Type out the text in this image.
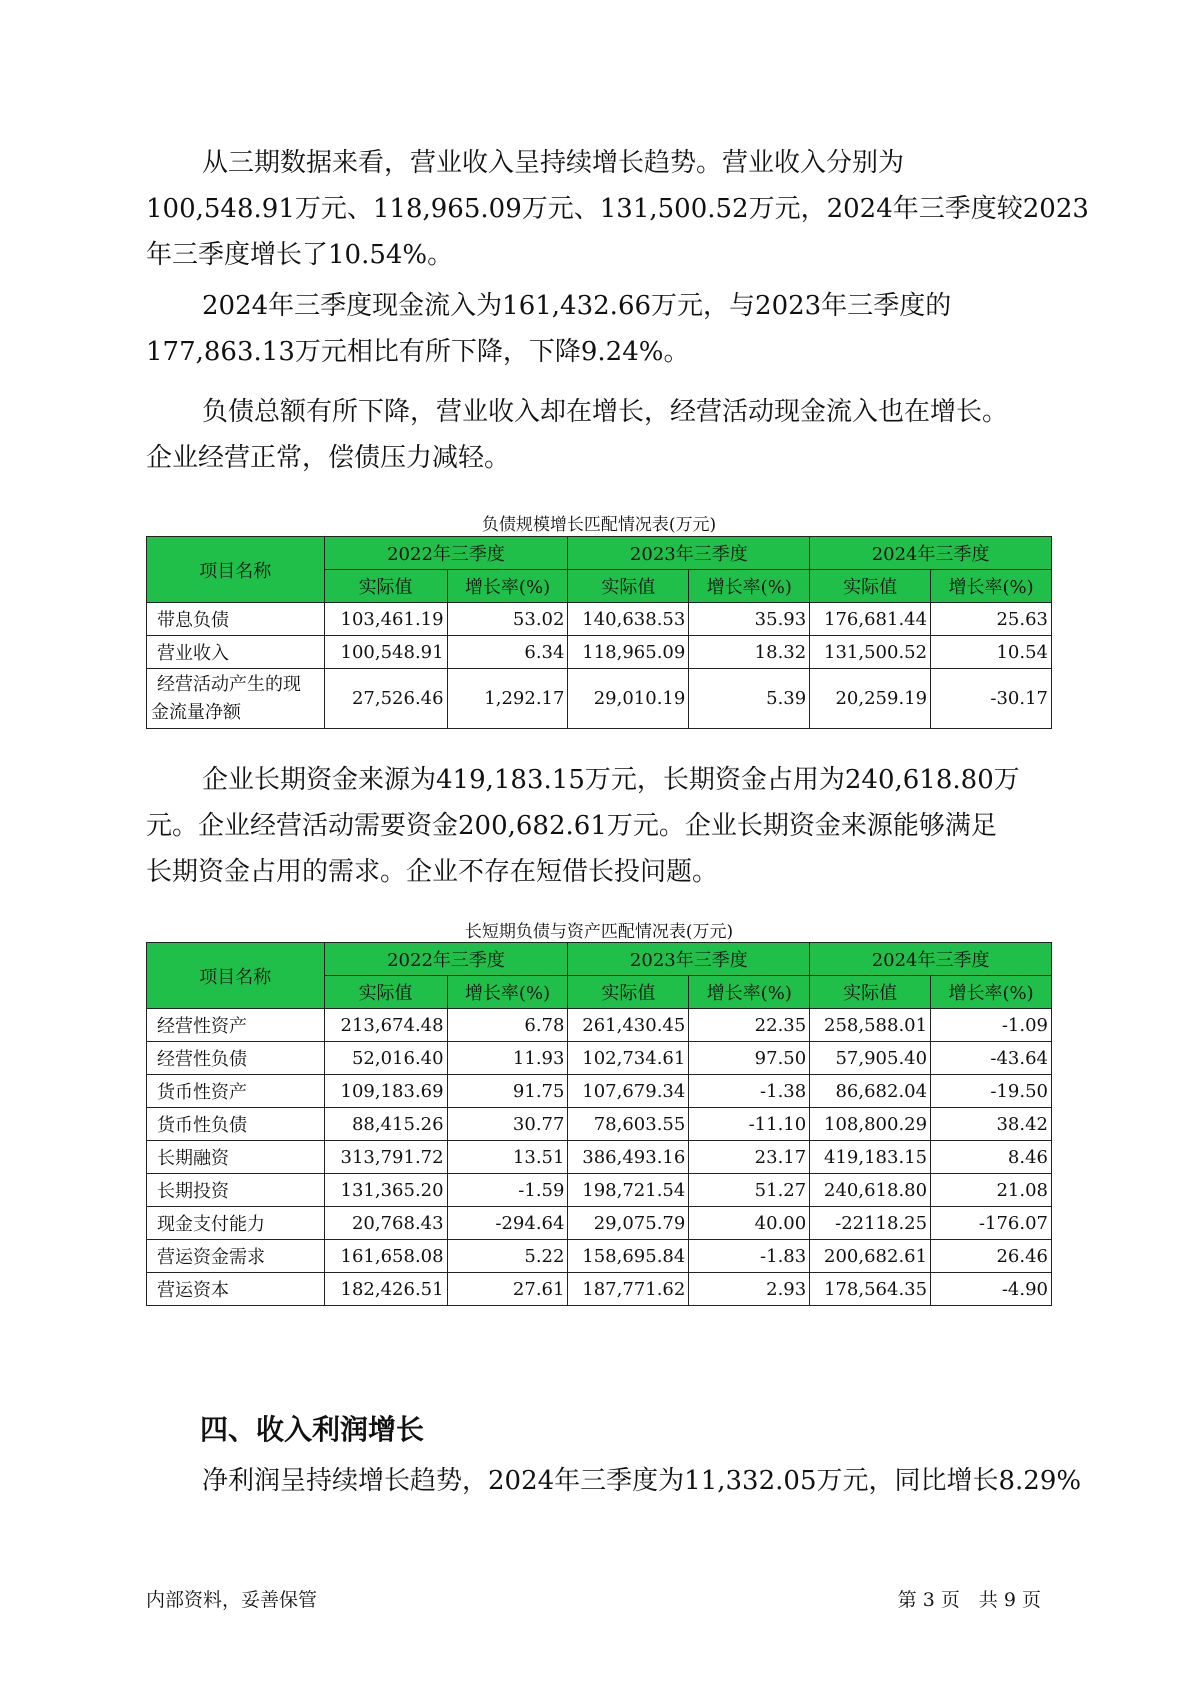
从三期数据来看，营业收入呈持续增长趋势。营业收入分别为
100,548.91万元、118,965.09万元、131,500.52万元，2024年三季度较2023
年三季度增长了10.54%。

2024年三季度现金流入为161,432.66万元，与2023年三季度的
177,863.13万元相比有所下降，下降9.24%。

负债总额有所下降，营业收入却在增长，经营活动现金流入也在增长。
企业经营正常，偿债压力减轻。

负债规模增长匹配情况表(万元)
项目名称	2022年三季度		2023年三季度		2024年三季度	
	实际值	增长率(%)	实际值	增长率(%)	实际值	增长率(%)
带息负债	103,461.19	53.02	140,638.53	35.93	176,681.44	25.63
营业收入	100,548.91	6.34	118,965.09	18.32	131,500.52	10.54

经营活动产生的现
金流量净额	27,526.46	1,292.17	29,010.19	5.39	20,259.19	-30.17

企业长期资金来源为419,183.15万元，长期资金占用为240,618.80万
元。企业经营活动需要资金200,682.61万元。企业长期资金来源能够满足
长期资金占用的需求。企业不存在短借长投问题。

长短期负债与资产匹配情况表(万元)
项目名称	2022年三季度		2023年三季度		2024年三季度	
	实际值	增长率(%)	实际值	增长率(%)	实际值	增长率(%)
经营性资产	213,674.48	6.78	261,430.45	22.35	258,588.01	-1.09
经营性负债	52,016.40	11.93	102,734.61	97.50	57,905.40	-43.64
货币性资产	109,183.69	91.75	107,679.34	-1.38	86,682.04	-19.50
货币性负债	88,415.26	30.77	78,603.55	-11.10	108,800.29	38.42
长期融资	313,791.72	13.51	386,493.16	23.17	419,183.15	8.46
长期投资	131,365.20	-1.59	198,721.54	51.27	240,618.80	21.08
现金支付能力	20,768.43	-294.64	29,075.79	40.00	-22118.25	-176.07
营运资金需求	161,658.08	5.22	158,695.84	-1.83	200,682.61	26.46
营运资本	182,426.51	27.61	187,771.62	2.93	178,564.35	-4.90
四、收入利润增长

净利润呈持续增长趋势，2024年三季度为11,332.05万元，同比增长8.29%

内部资料，妥善保管	第 3 页　共 9 页
